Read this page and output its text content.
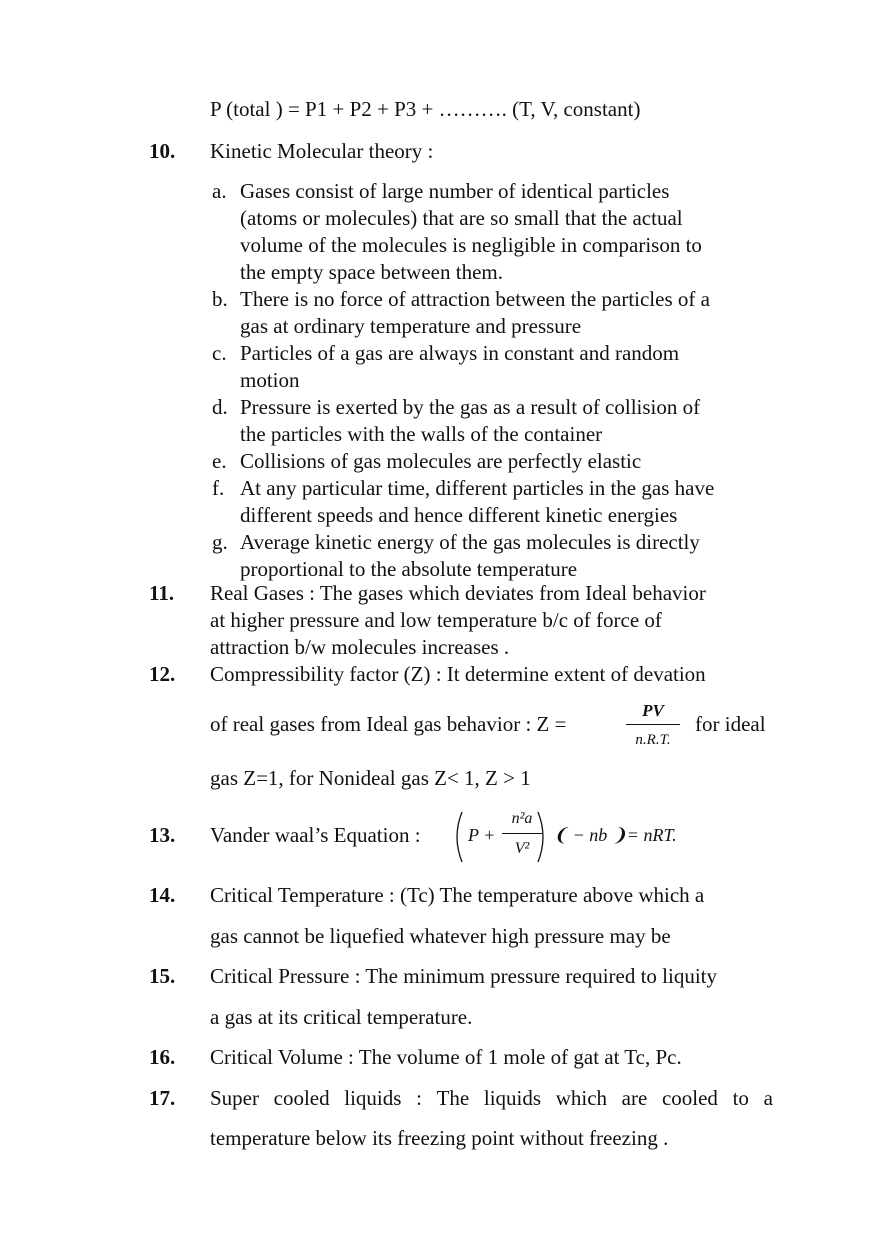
P (total ) = P1 + P2 + P3 + ………. (T, V, constant)
10. Kinetic Molecular theory :
a. Gases consist of large number of identical particles
(atoms or molecules) that are so small that the actual
volume of the molecules is negligible in comparison to
the empty space between them.
b. There is no force of attraction between the particles of a
gas at ordinary temperature and pressure
c. Particles of a gas are always in constant and random
motion
d. Pressure is exerted by the gas as a result of collision of
the particles with the walls of the container
e. Collisions of gas molecules are perfectly elastic
f. At any particular time, different particles in the gas have
different speeds and hence different kinetic energies
g. Average kinetic energy of the gas molecules is directly
proportional to the absolute temperature
11. Real Gases : The gases which deviates from Ideal behavior
at higher pressure and low temperature b/c of force of
attraction b/w molecules increases .
12. Compressibility factor (Z) : It determine extent of devation
of real gases from Ideal gas behavior : Z =
PV
n.R.T.
for ideal
gas Z=1, for Nonideal gas Z< 1, Z > 1
13. Vander waal’s Equation :	P +
n²a
V²
❨ − nb ❩= nRT.
14. Critical Temperature : (Tc) The temperature above which a
gas cannot be liquefied whatever high pressure may be
15. Critical Pressure : The minimum pressure required to liquity
a gas at its critical temperature.
16. Critical Volume : The volume of 1 mole of gat at Tc, Pc.
17. Super cooled liquids : The liquids which are cooled to a
temperature below its freezing point without freezing .
